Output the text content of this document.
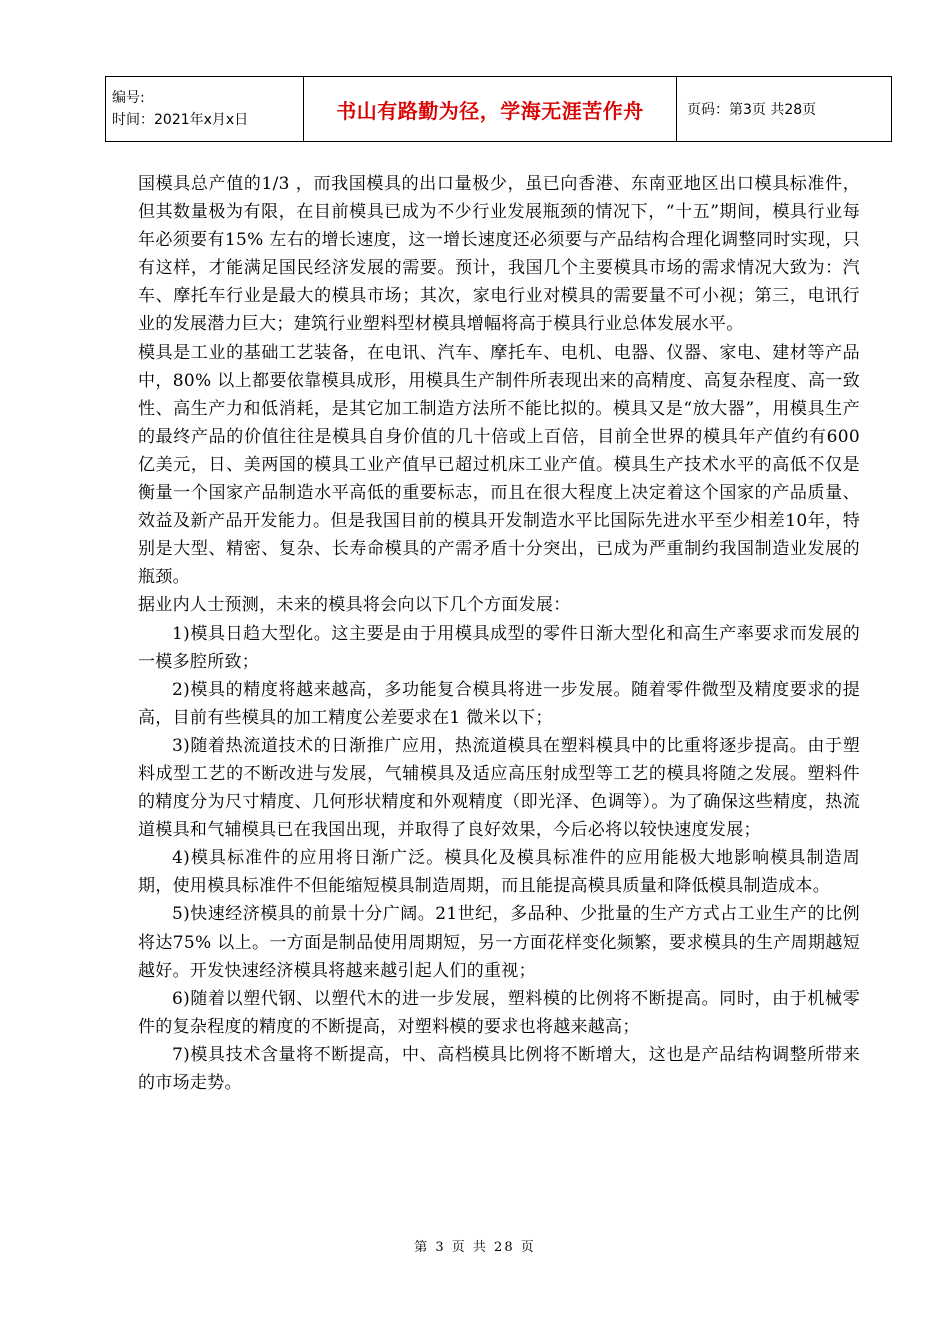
编号:
时间：2021年x月x日	书山有路勤为径，学海无涯苦作舟	页码：第3页 共28页

国模具总产值的1/3 ，而我国模具的出口量极少，虽已向香港、东南亚地区出口模具标准件，但其数量极为有限，在目前模具已成为不少行业发展瓶颈的情况下，“十五”期间，模具行业每年必须要有15% 左右的增长速度，这一增长速度还必须要与产品结构合理化调整同时实现，只有这样，才能满足国民经济发展的需要。预计，我国几个主要模具市场的需求情况大致为：汽车、摩托车行业是最大的模具市场；其次，家电行业对模具的需要量不可小视；第三，电讯行业的发展潜力巨大；建筑行业塑料型材模具增幅将高于模具行业总体发展水平。

模具是工业的基础工艺装备，在电讯、汽车、摩托车、电机、电器、仪器、家电、建材等产品中，80% 以上都要依靠模具成形，用模具生产制件所表现出来的高精度、高复杂程度、高一致性、高生产力和低消耗，是其它加工制造方法所不能比拟的。模具又是“放大器”，用模具生产的最终产品的价值往往是模具自身价值的几十倍或上百倍，目前全世界的模具年产值约有600 亿美元，日、美两国的模具工业产值早已超过机床工业产值。模具生产技术水平的高低不仅是衡量一个国家产品制造水平高低的重要标志，而且在很大程度上决定着这个国家的产品质量、效益及新产品开发能力。但是我国目前的模具开发制造水平比国际先进水平至少相差10年，特别是大型、精密、复杂、长寿命模具的产需矛盾十分突出，已成为严重制约我国制造业发展的瓶颈。

据业内人士预测，未来的模具将会向以下几个方面发展：

1)模具日趋大型化。这主要是由于用模具成型的零件日渐大型化和高生产率要求而发展的一模多腔所致；

2)模具的精度将越来越高，多功能复合模具将进一步发展。随着零件微型及精度要求的提高，目前有些模具的加工精度公差要求在1 微米以下；

3)随着热流道技术的日渐推广应用，热流道模具在塑料模具中的比重将逐步提高。由于塑料成型工艺的不断改进与发展，气辅模具及适应高压射成型等工艺的模具将随之发展。塑料件的精度分为尺寸精度、几何形状精度和外观精度（即光泽、色调等）。为了确保这些精度，热流道模具和气辅模具已在我国出现，并取得了良好效果，今后必将以较快速度发展；

4)模具标准件的应用将日渐广泛。模具化及模具标准件的应用能极大地影响模具制造周期，使用模具标准件不但能缩短模具制造周期，而且能提高模具质量和降低模具制造成本。

5)快速经济模具的前景十分广阔。21世纪，多品种、少批量的生产方式占工业生产的比例将达75% 以上。一方面是制品使用周期短，另一方面花样变化频繁，要求模具的生产周期越短越好。开发快速经济模具将越来越引起人们的重视；

6)随着以塑代钢、以塑代木的进一步发展，塑料模的比例将不断提高。同时，由于机械零件的复杂程度的精度的不断提高，对塑料模的要求也将越来越高；

7)模具技术含量将不断提高，中、高档模具比例将不断增大，这也是产品结构调整所带来的市场走势。

第 3 页 共 28 页
